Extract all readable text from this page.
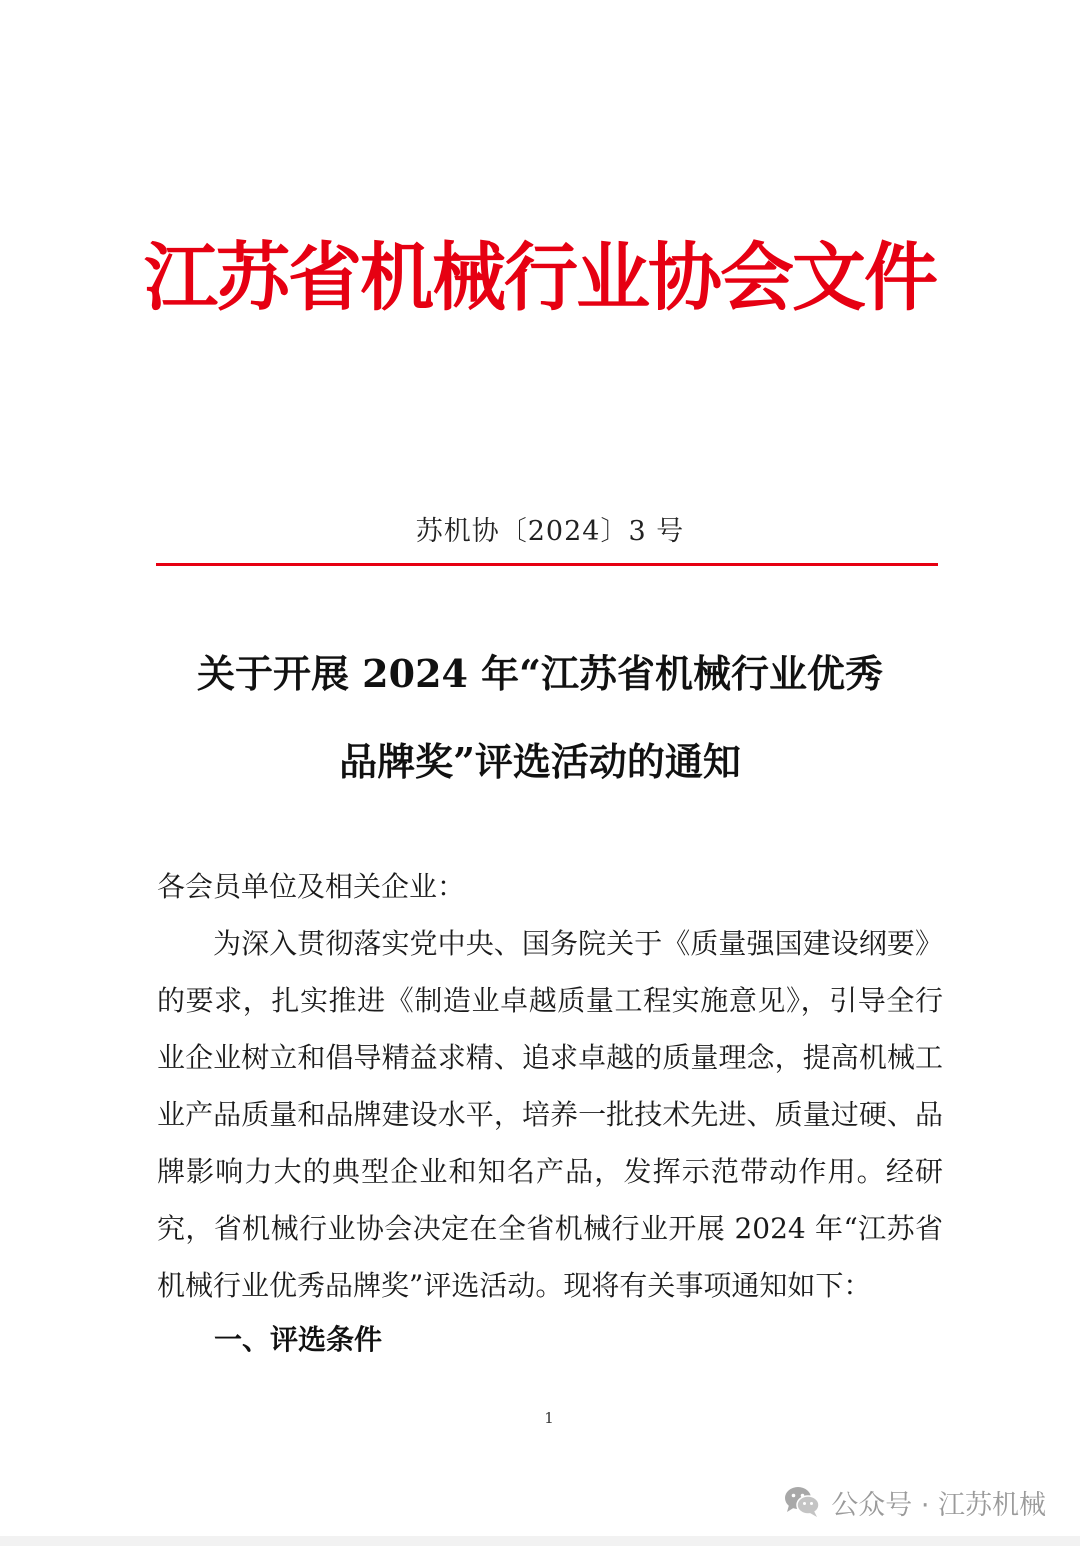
江苏省机械行业协会文件
苏机协〔2024〕3 号
关于开展 2024 年“江苏省机械行业优秀
品牌奖”评选活动的通知

各会员单位及相关企业：

为深入贯彻落实党中央、国务院关于《质量强国建设纲要》的要求，扎实推进《制造业卓越质量工程实施意见》，引导全行业企业树立和倡导精益求精、追求卓越的质量理念，提高机械工业产品质量和品牌建设水平，培养一批技术先进、质量过硬、品牌影响力大的典型企业和知名产品，发挥示范带动作用。经研究，省机械行业协会决定在全省机械行业开展 2024 年“江苏省机械行业优秀品牌奖”评选活动。现将有关事项通知如下：

一、评选条件
1
公众号 · 江苏机械
